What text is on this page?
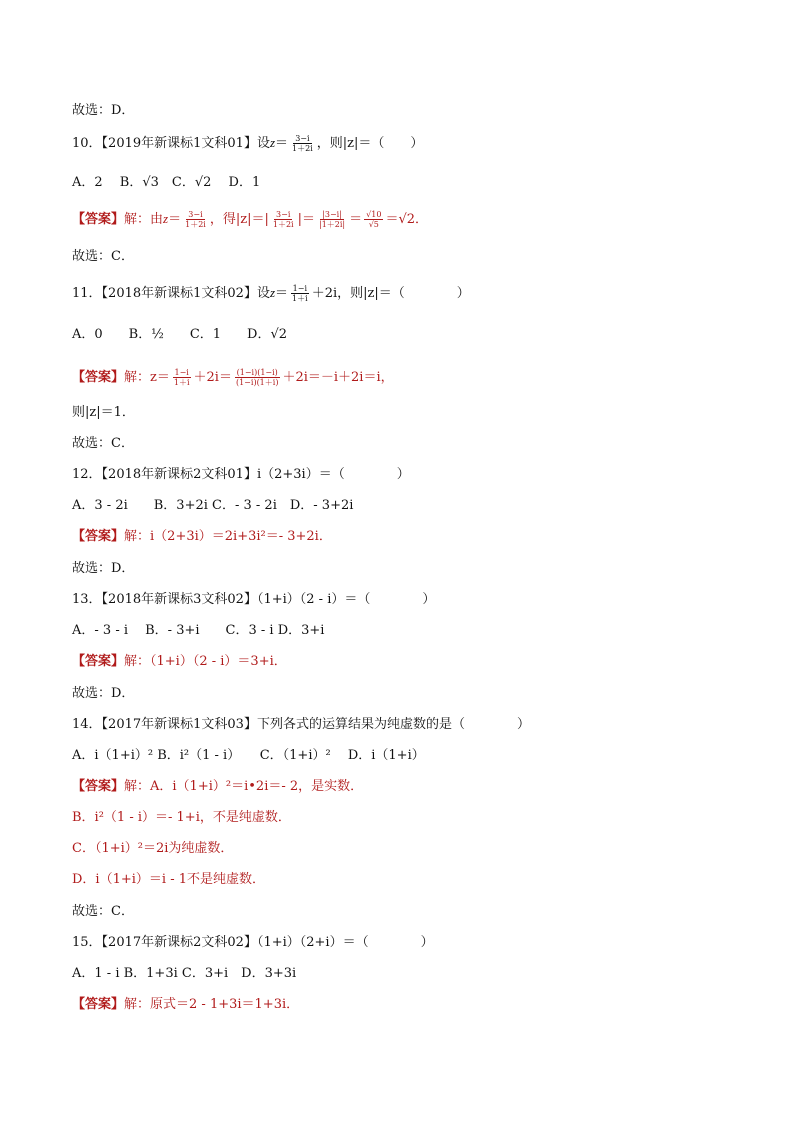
故选：D．
10．【2019年新课标1文科01】设$z= \frac{3-i}{1+2i}$ ，则|z|＝（　　）
A．2　 B．√3　C．√2　 D．1
【答案】解：由$z= \frac{3-i}{1+2i}$ ，得$|z|=| \frac{3-i}{1+2i}$ |＝ $\frac{|3-i|}{|1+2i|} = \frac{√10}{√5} =√2$．
故选：C．
11．【2018年新课标1文科02】设$z= \frac{1-i}{1+i} +2i$，则|z|＝（　　　　）
A．0　　B．½　　C．1　　D．√2
【答案】解：$z= \frac{1-i}{1+i} +2i= \frac{(1-i)(1-i)}{(1-i)(1+i)} +2i=-i+2i=i$，
则|z|＝1．
故选：C．
12．【2018年新课标2文科01】i（2+3i）＝（　　　　）
A．3 - 2i　　B．3+2i C．- 3 - 2i　D．- 3+2i
【答案】解：i（2+3i）＝2i+3i²＝- 3+2i．
故选：D．
13．【2018年新课标3文科02】（1+i）（2 - i）＝（　　　　）
A．- 3 - i　 B．- 3+i　　C．3 - i D．3+i
【答案】解：（1+i）（2 - i）＝3+i．
故选：D．
14．【2017年新课标1文科03】下列各式的运算结果为纯虚数的是（　　　　）
A．i（1+i）² B．i²（1 - i）　　C．（1+i）²　 D．i（1+i）
【答案】解：A．i（1+i）²＝i•2i＝- 2，是实数．
B．i²（1 - i）＝- 1+i，不是纯虚数．
C．（1+i）²＝2i为纯虚数．
D．i（1+i）＝i - 1不是纯虚数．
故选：C．
15．【2017年新课标2文科02】（1+i）（2+i）＝（　　　　）
A．1 - i B．1+3i C．3+i　D．3+3i
【答案】解：原式＝2 - 1+3i＝1+3i．
